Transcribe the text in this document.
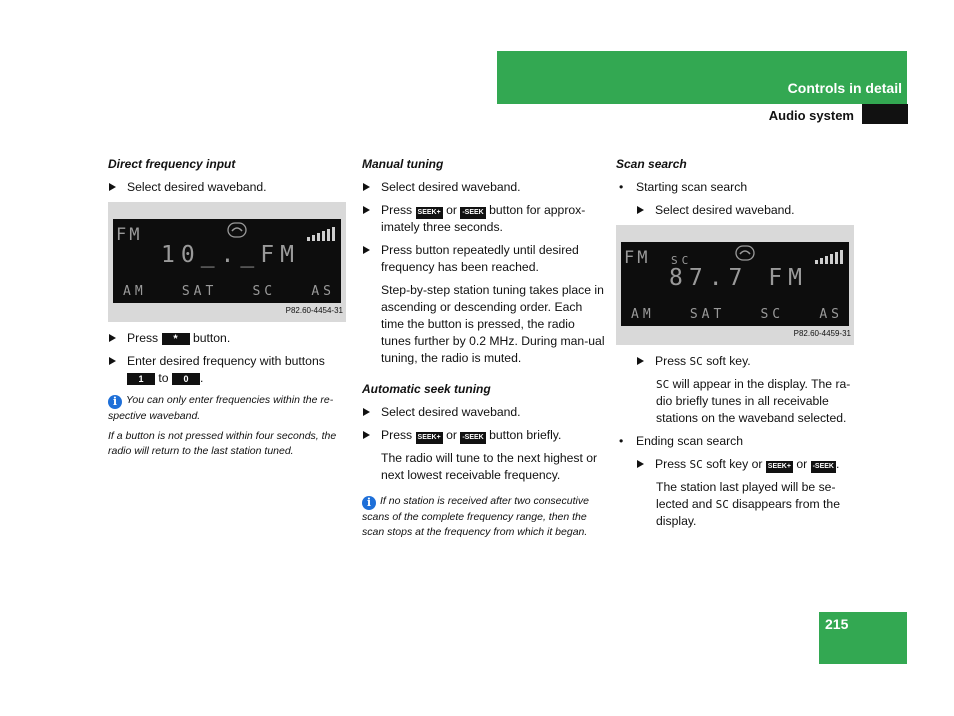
Controls in detail
Audio system
215

Direct frequency input

Select desired waveband.
FM
10_._FM
AM	SAT	SC	AS
P82.60-4454-31
Press * button.
Enter desired frequency with buttons
1 to 0 .

i You can only enter frequencies within the re-spective waveband.

If a button is not pressed within four seconds, the radio will return to the last station tuned.

Manual tuning

Select desired waveband.
Press SEEK+ or -SEEK button for approx-imately three seconds.
Press button repeatedly until desired frequency has been reached.

Step-by-step station tuning takes place in ascending or descending order. Each time the button is pressed, the radio tunes further by 0.2 MHz. During man-ual tuning, the radio is muted.

Automatic seek tuning

Select desired waveband.
Press SEEK+ or -SEEK button briefly.

The radio will tune to the next highest or next lowest receivable frequency.

i If no station is received after two consecutive scans of the complete frequency range, then the scan stops at the frequency from which it began.

Scan search

• Starting scan search
Select desired waveband.
FM SC
87.7 FM
AM	SAT	SC	AS
P82.60-4459-31
Press SC soft key.

SC will appear in the display. The ra-dio briefly tunes in all receivable stations on the waveband selected.

• Ending scan search
Press SC soft key or SEEK+ or -SEEK .

The station last played will be se-lected and SC disappears from the display.
